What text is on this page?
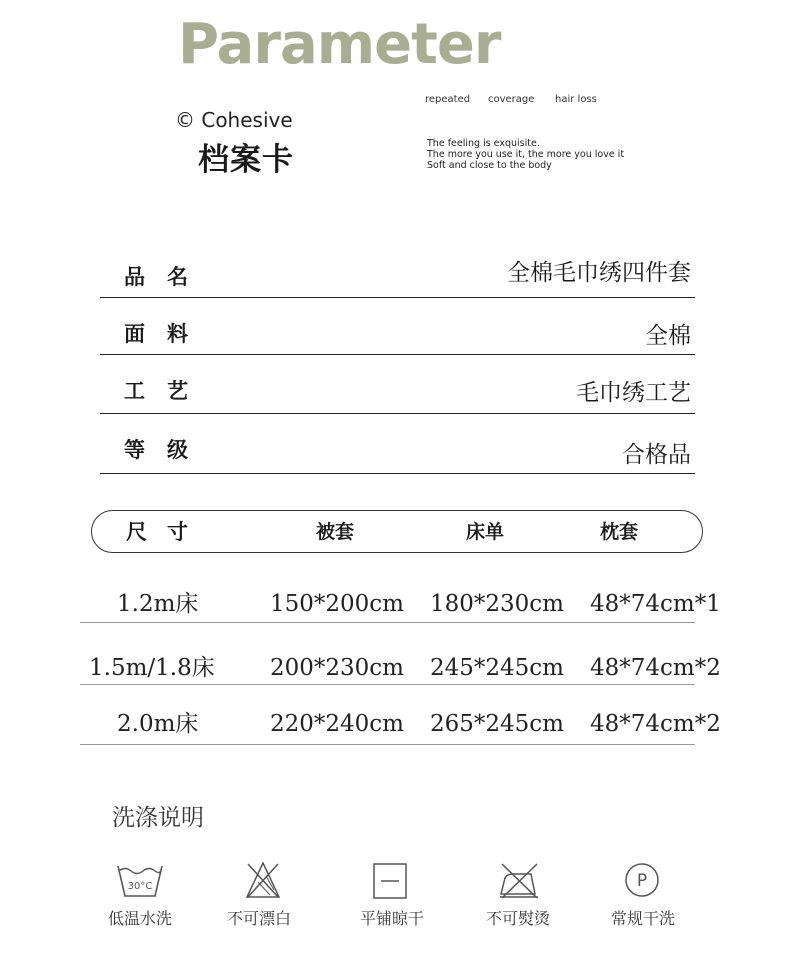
Parameter
© Cohesive
档案卡
repeated coverage hair loss
The feeling is exquisite.
The more you use it, the more you love it
Soft and close to the body
品名	全棉毛巾绣四件套
面料	全棉
工艺	毛巾绣工艺
等级	合格品
尺寸	被套	床单	枕套
1.2m床	150*200cm 180*230cm 48*74cm*1
1.5m/1.8床 200*230cm 245*245cm 48*74cm*2
2.0m床	220*240cm 265*245cm 48*74cm*2
洗涤说明
30°C	P
低温水洗	不可漂白	平铺晾干	不可熨烫	常规干洗
